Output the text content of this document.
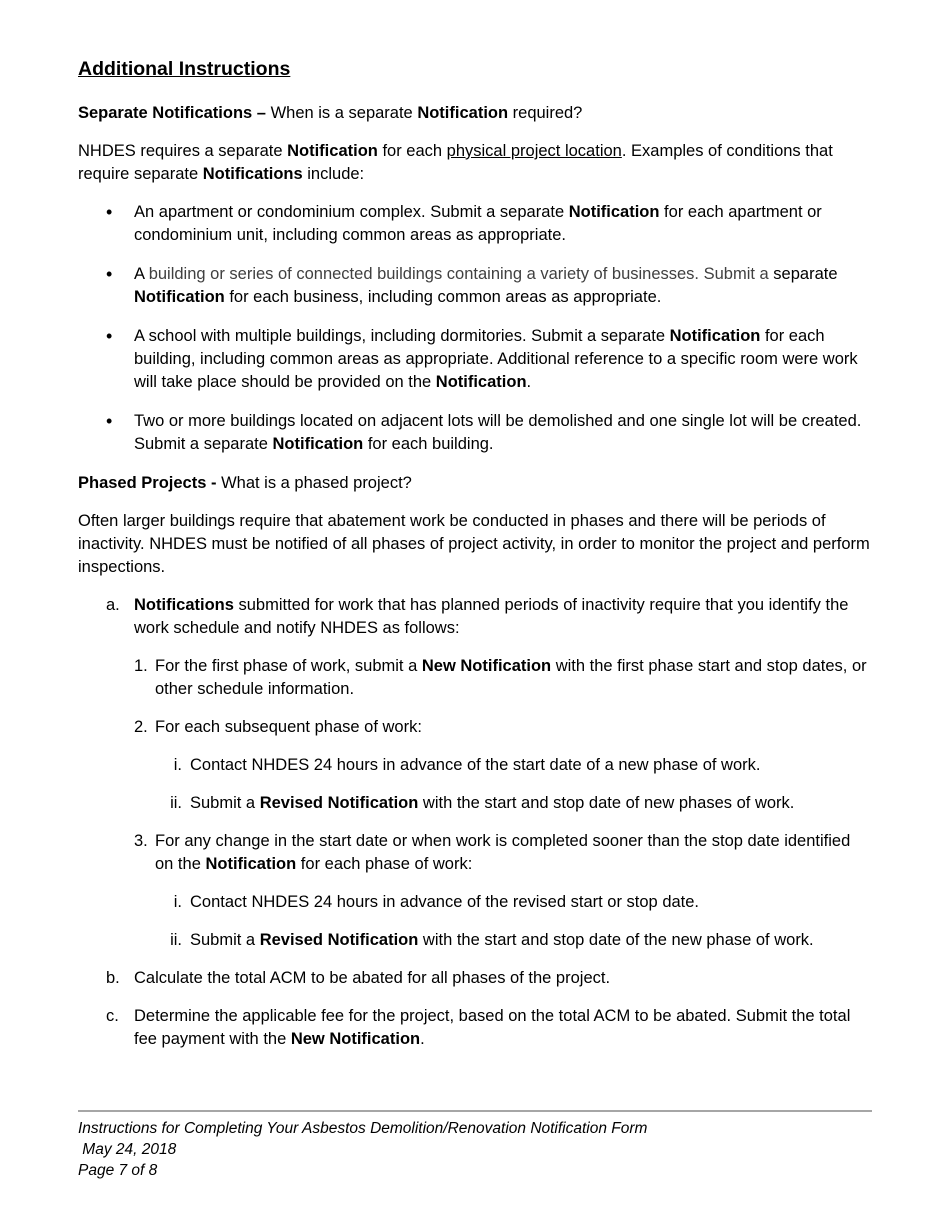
Additional Instructions

Separate Notifications – When is a separate Notification required?

NHDES requires a separate Notification for each physical project location. Examples of conditions that require separate Notifications include:

• An apartment or condominium complex. Submit a separate Notification for each apartment or condominium unit, including common areas as appropriate.
• A building or series of connected buildings containing a variety of businesses. Submit a separate Notification for each business, including common areas as appropriate.
• A school with multiple buildings, including dormitories. Submit a separate Notification for each building, including common areas as appropriate. Additional reference to a specific room were work will take place should be provided on the Notification.
• Two or more buildings located on adjacent lots will be demolished and one single lot will be created. Submit a separate Notification for each building.

Phased Projects - What is a phased project?

Often larger buildings require that abatement work be conducted in phases and there will be periods of inactivity. NHDES must be notified of all phases of project activity, in order to monitor the project and perform inspections.

a. Notifications submitted for work that has planned periods of inactivity require that you identify the work schedule and notify NHDES as follows:
1. For the first phase of work, submit a New Notification with the first phase start and stop dates, or other schedule information.
2. For each subsequent phase of work:
i. Contact NHDES 24 hours in advance of the start date of a new phase of work.
ii. Submit a Revised Notification with the start and stop date of new phases of work.
3. For any change in the start date or when work is completed sooner than the stop date identified on the Notification for each phase of work:
i. Contact NHDES 24 hours in advance of the revised start or stop date.
ii. Submit a Revised Notification with the start and stop date of the new phase of work.
b. Calculate the total ACM to be abated for all phases of the project.
c. Determine the applicable fee for the project, based on the total ACM to be abated. Submit the total fee payment with the New Notification.
Instructions for Completing Your Asbestos Demolition/Renovation Notification Form
May 24, 2018
Page 7 of 8
